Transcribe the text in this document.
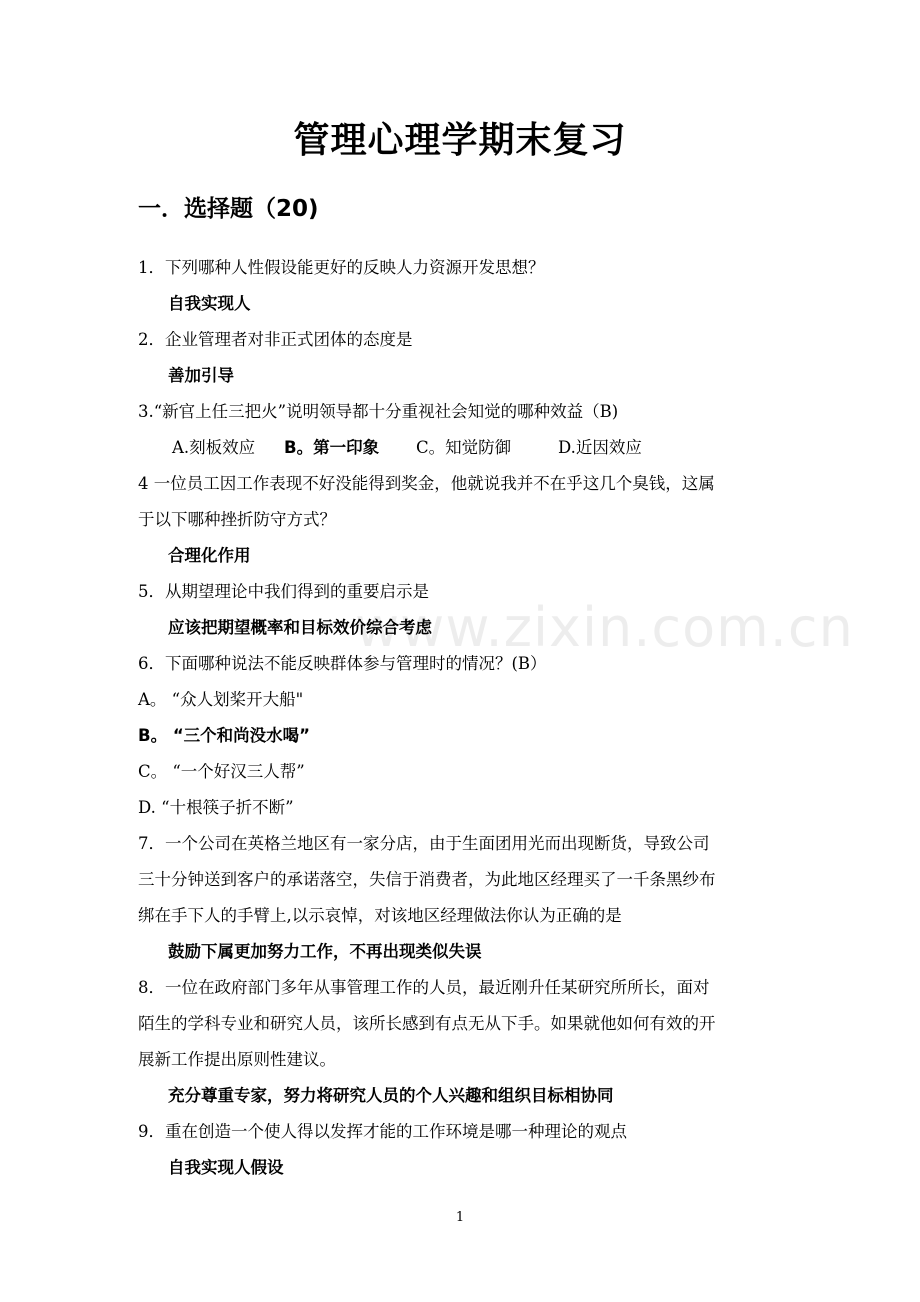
管理心理学期末复习
一．选择题（20)
1．下列哪种人性假设能更好的反映人力资源开发思想？
自我实现人
2．企业管理者对非正式团体的态度是
善加引导
3.“新官上任三把火”说明领导都十分重视社会知觉的哪种效益（B)
A.刻板效应 B。第一印象 C。知觉防御	D.近因效应
4 一位员工因工作表现不好没能得到奖金，他就说我并不在乎这几个臭钱，这属
于以下哪种挫折防守方式？
合理化作用
5．从期望理论中我们得到的重要启示是
应该把期望概率和目标效价综合考虑
6．下面哪种说法不能反映群体参与管理时的情况？(B）
A。 “众人划桨开大船"
B。 “三个和尚没水喝”
C。 “一个好汉三人帮”
D. “十根筷子折不断”
7．一个公司在英格兰地区有一家分店，由于生面团用光而出现断货，导致公司
三十分钟送到客户的承诺落空，失信于消费者，为此地区经理买了一千条黑纱布
绑在手下人的手臂上,以示哀悼，对该地区经理做法你认为正确的是
鼓励下属更加努力工作，不再出现类似失误
8．一位在政府部门多年从事管理工作的人员，最近刚升任某研究所所长，面对
陌生的学科专业和研究人员，该所长感到有点无从下手。如果就他如何有效的开
展新工作提出原则性建议。
充分尊重专家，努力将研究人员的个人兴趣和组织目标相协同
9．重在创造一个使人得以发挥才能的工作环境是哪一种理论的观点
自我实现人假设
www.zixin.com.cn
1
